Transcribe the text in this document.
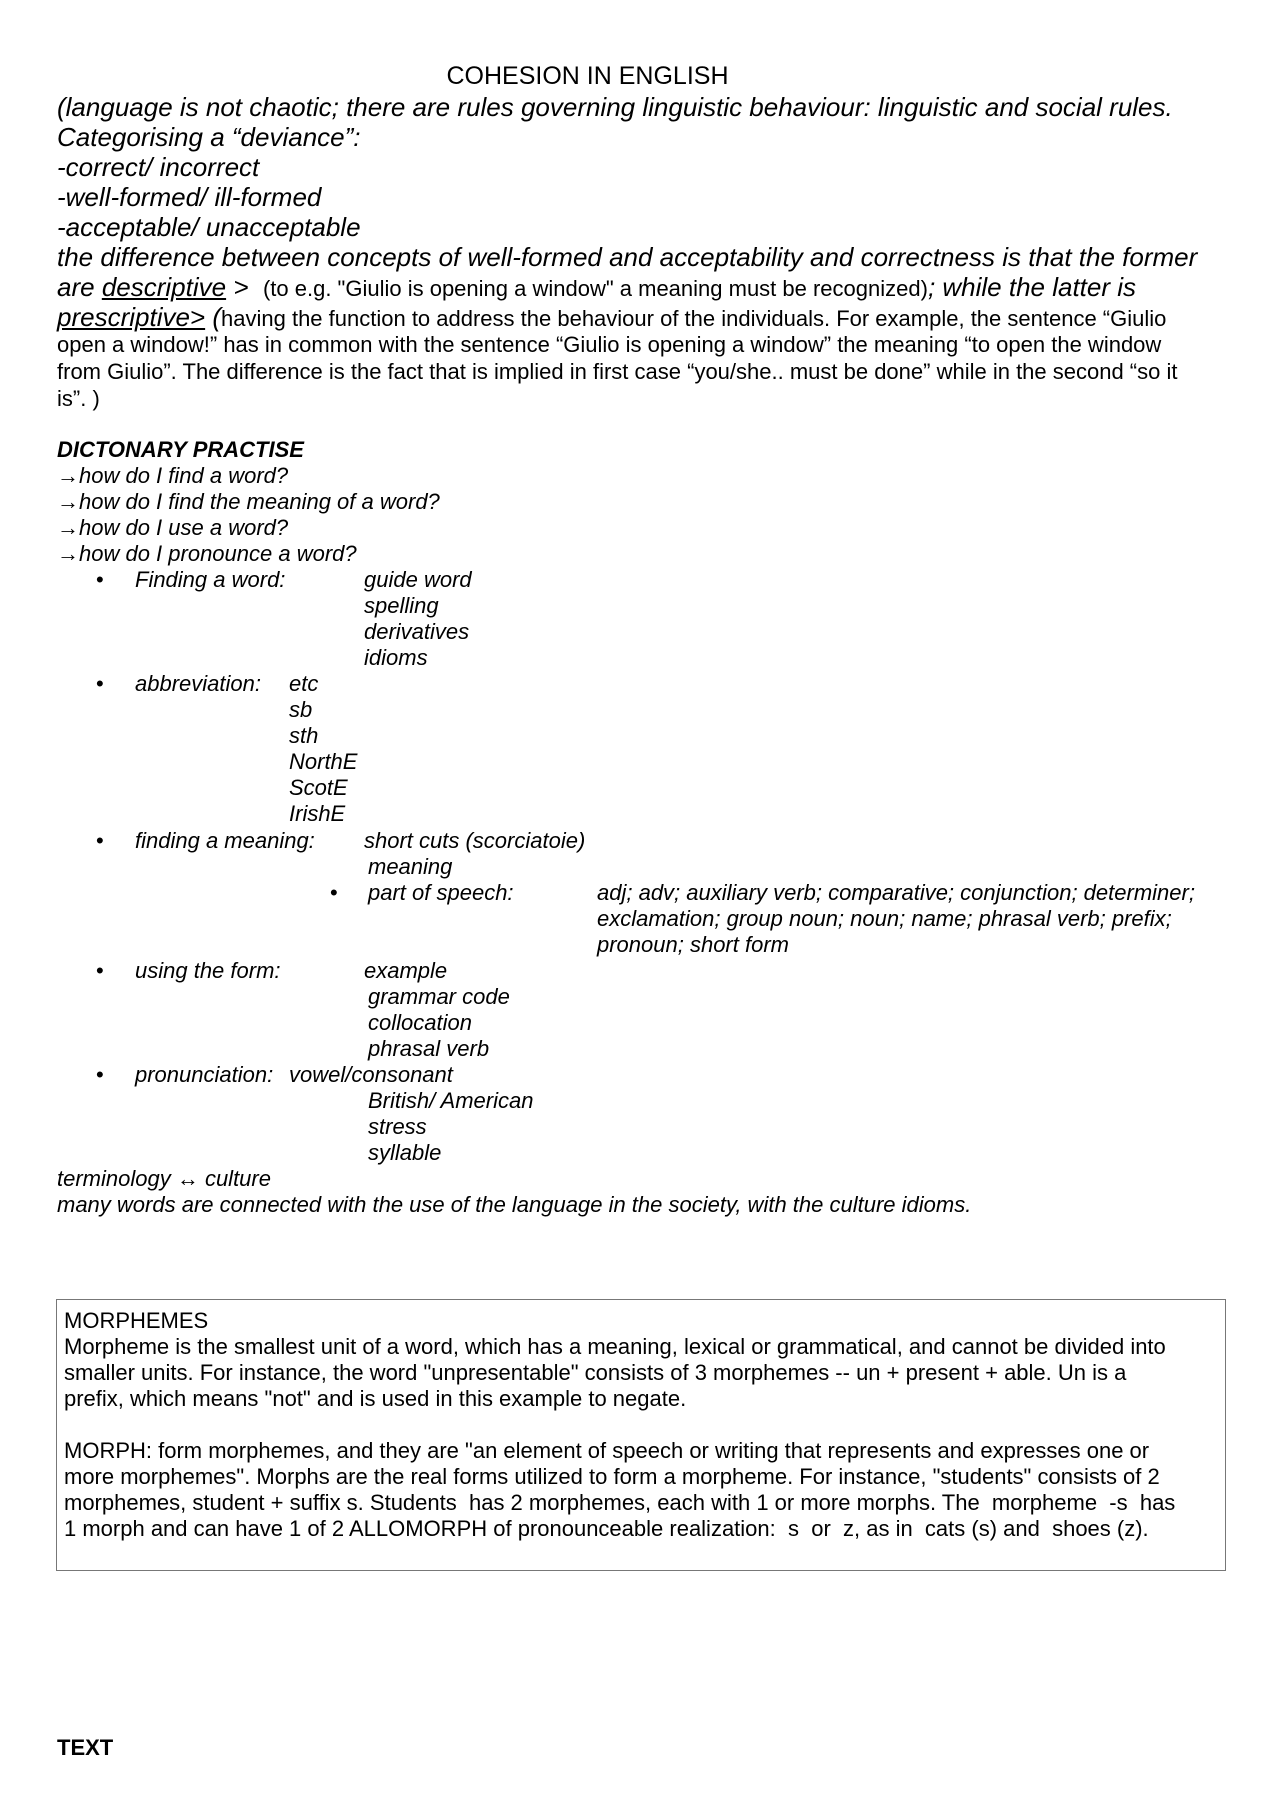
COHESION IN ENGLISH
(language is not chaotic; there are rules governing linguistic behaviour: linguistic and social rules.
Categorising a “deviance”:
-correct/ incorrect
-well-formed/ ill-formed
-acceptable/ unacceptable
the difference between concepts of well-formed and acceptability and correctness is that the former
are descriptive >  (to e.g. "Giulio is opening a window" a meaning must be recognized); while the latter is
prescriptive> (having the function to address the behaviour of the individuals. For example, the sentence “Giulio
open a window!” has in common with the sentence “Giulio is opening a window” the meaning “to open the window
from Giulio”. The difference is the fact that is implied in first case “you/she.. must be done” while in the second “so it
is”. )
DICTONARY PRACTISE
→how do I find a word?
→how do I find the meaning of a word?
→how do I use a word?
→how do I pronounce a word?
• Finding a word:	guide word
spelling
derivatives
idioms
• abbreviation: etc
sb
sth
NorthE
ScotE
IrishE
• finding a meaning: short cuts (scorciatoie)
meaning
• part of speech:	adj; adv; auxiliary verb; comparative; conjunction; determiner;
exclamation; group noun; noun; name; phrasal verb; prefix;
pronoun; short form
• using the form:	example
grammar code
collocation
phrasal verb
• pronunciation: vowel/consonant
British/ American
stress
syllable
terminology ↔ culture
many words are connected with the use of the language in the society, with the culture idioms.
MORPHEMES
Morpheme is the smallest unit of a word, which has a meaning, lexical or grammatical, and cannot be divided into
smaller units. For instance, the word "unpresentable" consists of 3 morphemes -- un + present + able. Un is a
prefix, which means "not" and is used in this example to negate.
MORPH: form morphemes, and they are "an element of speech or writing that represents and expresses one or
more morphemes". Morphs are the real forms utilized to form a morpheme. For instance, "students" consists of 2
morphemes, student + suffix s. Students  has 2 morphemes, each with 1 or more morphs. The  morpheme  -s  has
1 morph and can have 1 of 2 ALLOMORPH of pronounceable realization:  s  or  z, as in  cats (s) and  shoes (z).
TEXT
